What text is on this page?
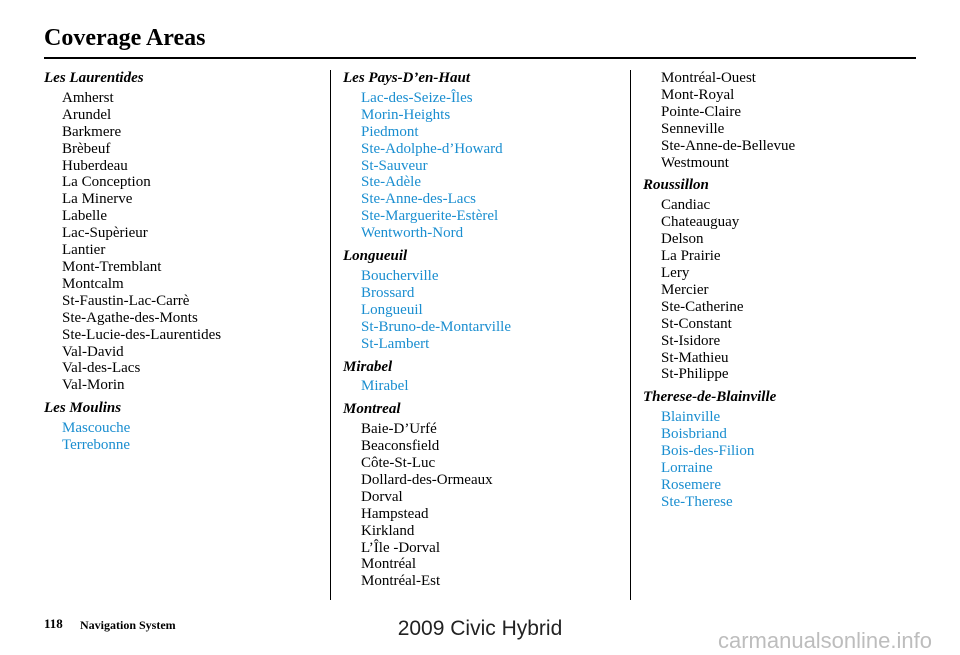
Coverage Areas
Les Laurentides
Amherst
Arundel
Barkmere
Brèbeuf
Huberdeau
La Conception
La Minerve
Labelle
Lac-Supèrieur
Lantier
Mont-Tremblant
Montcalm
St-Faustin-Lac-Carrè
Ste-Agathe-des-Monts
Ste-Lucie-des-Laurentides
Val-David
Val-des-Lacs
Val-Morin
Les Moulins
Mascouche
Terrebonne
Les Pays-D’en-Haut
Lac-des-Seize-Îles
Morin-Heights
Piedmont
Ste-Adolphe-d’Howard
St-Sauveur
Ste-Adèle
Ste-Anne-des-Lacs
Ste-Marguerite-Estèrel
Wentworth-Nord
Longueuil
Boucherville
Brossard
Longueuil
St-Bruno-de-Montarville
St-Lambert
Mirabel
Mirabel
Montreal
Baie-D’Urfé
Beaconsfield
Côte-St-Luc
Dollard-des-Ormeaux
Dorval
Hampstead
Kirkland
L’Île -Dorval
Montréal
Montréal-Est
Montréal-Ouest
Mont-Royal
Pointe-Claire
Senneville
Ste-Anne-de-Bellevue
Westmount
Roussillon
Candiac
Chateauguay
Delson
La Prairie
Lery
Mercier
Ste-Catherine
St-Constant
St-Isidore
St-Mathieu
St-Philippe
Therese-de-Blainville
Blainville
Boisbriand
Bois-des-Filion
Lorraine
Rosemere
Ste-Therese
118 Navigation System	2009 Civic Hybrid	carmanualsonline.info
